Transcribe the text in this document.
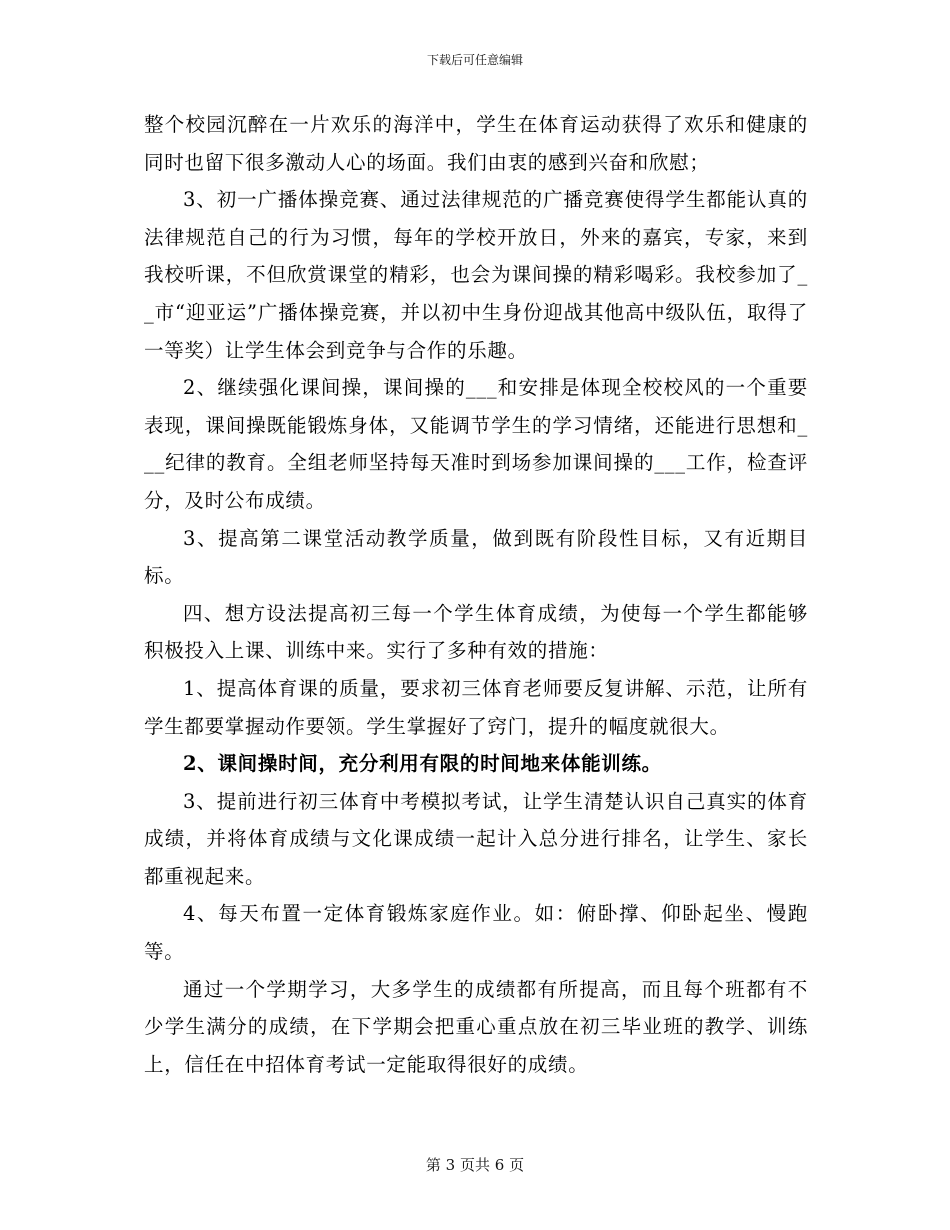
下载后可任意编辑

整个校园沉醉在一片欢乐的海洋中，学生在体育运动获得了欢乐和健康的同时也留下很多激动人心的场面。我们由衷的感到兴奋和欣慰；

3、初一广播体操竞赛、通过法律规范的广播竞赛使得学生都能认真的法律规范自己的行为习惯，每年的学校开放日，外来的嘉宾，专家，来到我校听课，不但欣赏课堂的精彩，也会为课间操的精彩喝彩。我校参加了__市“迎亚运”广播体操竞赛，并以初中生身份迎战其他高中级队伍，取得了一等奖）让学生体会到竞争与合作的乐趣。

2、继续强化课间操，课间操的___和安排是体现全校校风的一个重要表现，课间操既能锻炼身体，又能调节学生的学习情绪，还能进行思想和___纪律的教育。全组老师坚持每天准时到场参加课间操的___工作，检查评分，及时公布成绩。

3、提高第二课堂活动教学质量，做到既有阶段性目标，又有近期目标。

四、想方设法提高初三每一个学生体育成绩，为使每一个学生都能够积极投入上课、训练中来。实行了多种有效的措施：

1、提高体育课的质量，要求初三体育老师要反复讲解、示范，让所有学生都要掌握动作要领。学生掌握好了窍门，提升的幅度就很大。

2、课间操时间，充分利用有限的时间地来体能训练。

3、提前进行初三体育中考模拟考试，让学生清楚认识自己真实的体育成绩，并将体育成绩与文化课成绩一起计入总分进行排名，让学生、家长都重视起来。

4、每天布置一定体育锻炼家庭作业。如：俯卧撑、仰卧起坐、慢跑等。

通过一个学期学习，大多学生的成绩都有所提高，而且每个班都有不少学生满分的成绩，在下学期会把重心重点放在初三毕业班的教学、训练上，信任在中招体育考试一定能取得很好的成绩。

第 3 页共 6 页
